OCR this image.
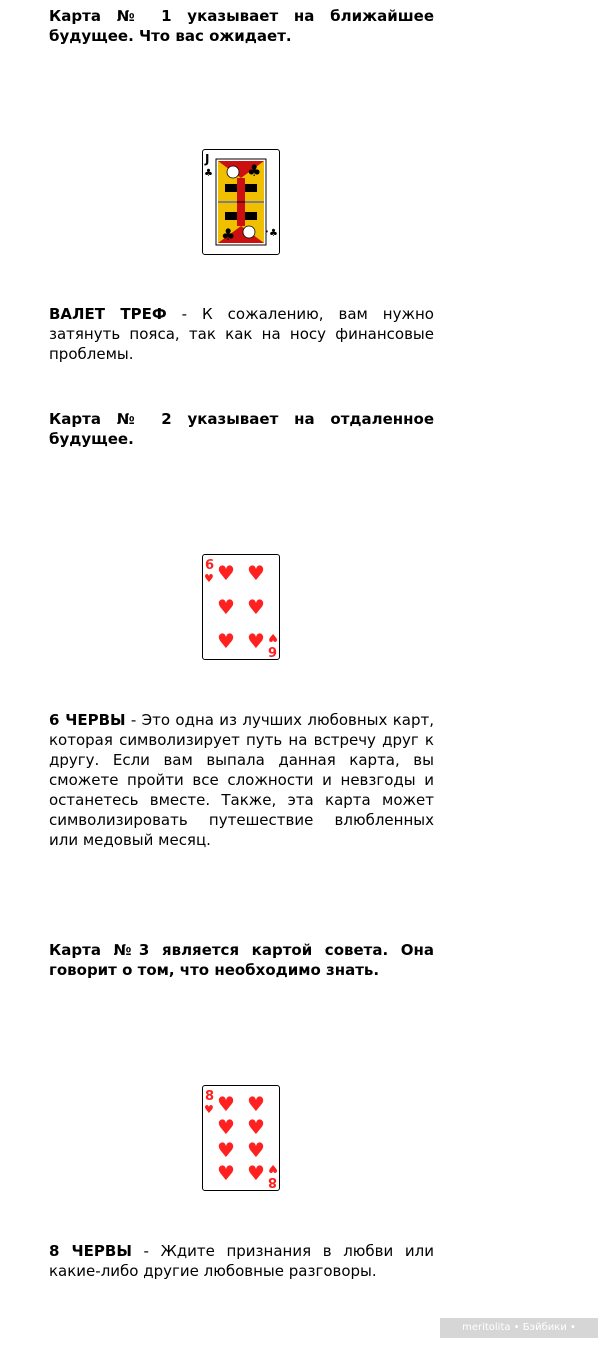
Карта № 1 указывает на ближайшее будущее. Что вас ожидает.
J
♣
♣
♣
♣
ВАЛЕТ ТРЕФ - К сожалению, вам нужно затянуть пояса, так как на носу финансовые проблемы.
Карта № 2 указывает на отдаленное будущее.
6
♥
6
♥
♥ ♥
♥ ♥
♥ ♥
6 ЧЕРВЫ - Это одна из лучших любовных карт, которая символизирует путь на встречу друг к другу. Если вам выпала данная карта, вы сможете пройти все сложности и невзгоды и останетесь вместе. Также, эта карта может символизировать путешествие влюбленных или медовый месяц.
Карта №3 является картой совета. Она говорит о том, что необходимо знать.
8
♥
8
♥
♥ ♥
♥ ♥
♥ ♥
♥ ♥
8 ЧЕРВЫ - Ждите признания в любви или какие-либо другие любовные разговоры.
meritolita • Бэйбики • babiki.ru
